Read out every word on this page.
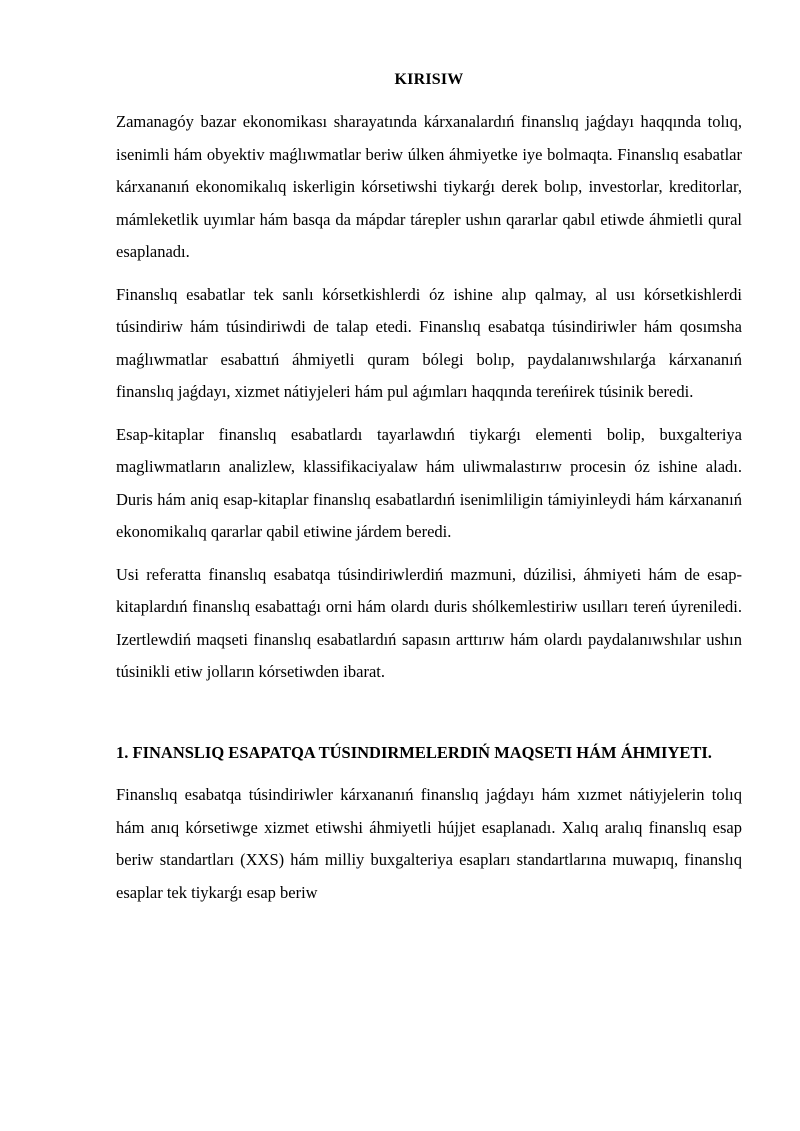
KIRISIW

Zamanagóy bazar ekonomikası sharayatında kárxanalardıń finanslıq jaǵdayı haqqında tolıq, isenimli hám obyektiv maǵlıwmatlar beriw úlken áhmiyetke iye bolmaqta. Finanslıq esabatlar kárxananıń ekonomikalıq iskerligin kórsetiwshi tiykarǵı derek bolıp, investorlar, kreditorlar, mámleketlik uyımlar hám basqa da mápdar tárepler ushın qararlar qabıl etiwde áhmietli qural esaplanadı.

Finanslıq esabatlar tek sanlı kórsetkishlerdi óz ishine alıp qalmay, al usı kórsetkishlerdi túsindiriw hám túsindiriwdi de talap etedi. Finanslıq esabatqa túsindiriwler hám qosımsha maǵlıwmatlar esabattıń áhmiyetli quram bólegi bolıp, paydalanıwshılarǵa kárxananıń finanslıq jaǵdayı, xizmet nátiyjeleri hám pul aǵımları haqqında tereńirek túsinik beredi.

Esap-kitaplar finanslıq esabatlardı tayarlawdıń tiykarǵı elementi bolip, buxgalteriya magliwmatların analizlew, klassifikaciyalaw hám uliwmalastırıw procesin óz ishine aladı. Duris hám aniq esap-kitaplar finanslıq esabatlardıń isenimliligin támiyinleydi hám kárxananıń ekonomikalıq qararlar qabil etiwine járdem beredi.

Usi referatta finanslıq esabatqa túsindiriwlerdiń mazmuni, dúzilisi, áhmiyeti hám de esap-kitaplardıń finanslıq esabattaǵı orni hám olardı duris shólkemlestiriw usılları tereń úyreniledi. Izertlewdiń maqseti finanslıq esabatlardıń sapasın arttırıw hám olardı paydalanıwshılar ushın túsinikli etiw jolların kórsetiwden ibarat.

1. FINANSLIQ ESAPATQA TÚSINDIRMELERDIŃ MAQSETI HÁM ÁHMIYETI.

Finanslıq esabatqa túsindiriwler kárxananıń finanslıq jaǵdayı hám xızmet nátiyjelerin tolıq hám anıq kórsetiwge xizmet etiwshi áhmiyetli hújjet esaplanadı. Xalıq aralıq finanslıq esap beriw standartları (XXS) hám milliy buxgalteriya esapları standartlarına muwapıq, finanslıq esaplar tek tiykarǵı esap beriw
